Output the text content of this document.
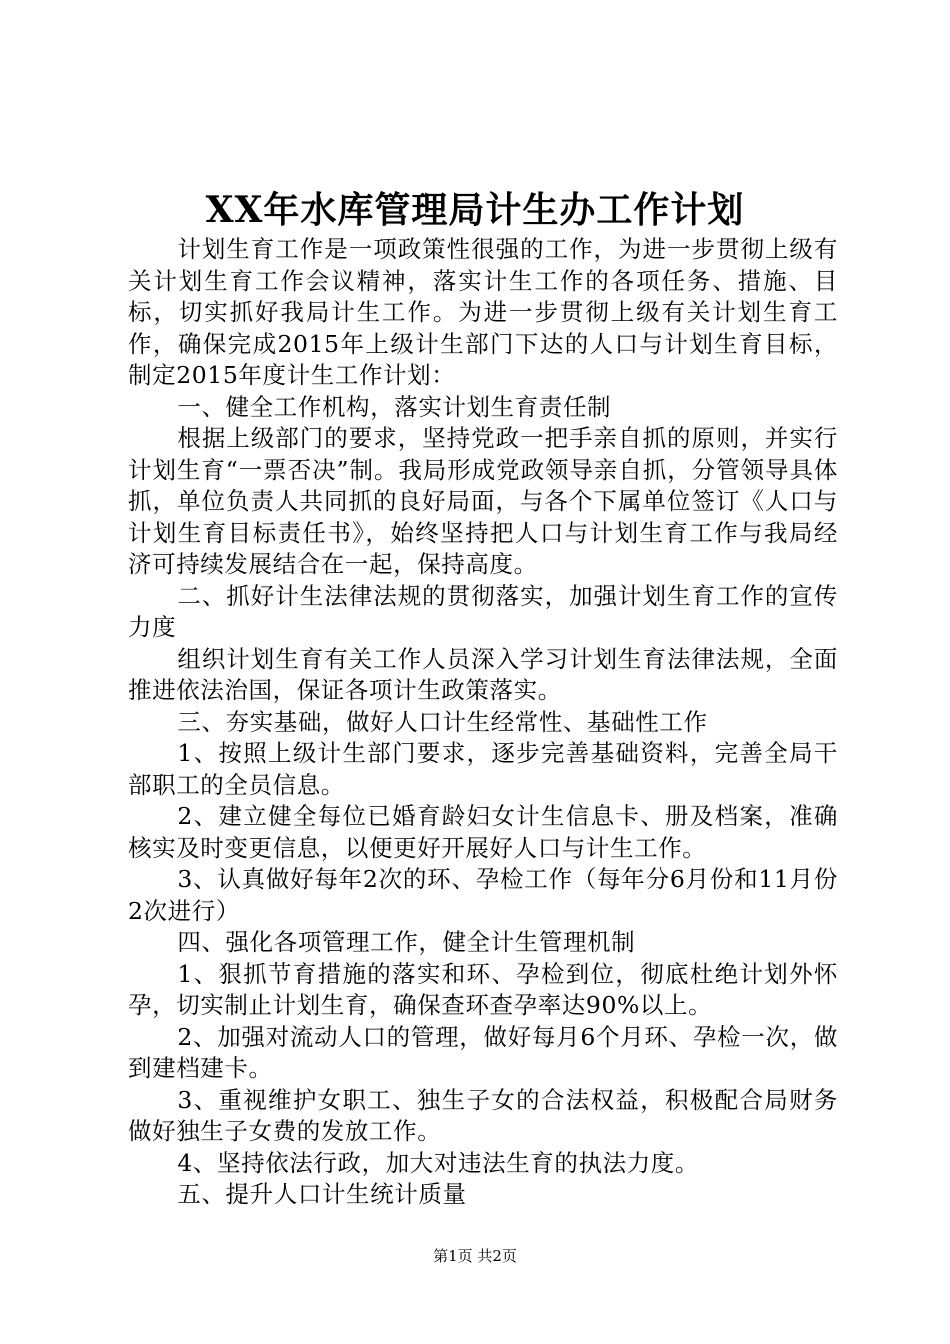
XX年水库管理局计生办工作计划

计划生育工作是一项政策性很强的工作，为进一步贯彻上级有关计划生育工作会议精神，落实计生工作的各项任务、措施、目标，切实抓好我局计生工作。为进一步贯彻上级有关计划生育工作，确保完成2015年上级计生部门下达的人口与计划生育目标，制定2015年度计生工作计划：

一、健全工作机构，落实计划生育责任制

根据上级部门的要求，坚持党政一把手亲自抓的原则，并实行计划生育“一票否决”制。我局形成党政领导亲自抓，分管领导具体抓，单位负责人共同抓的良好局面，与各个下属单位签订《人口与计划生育目标责任书》，始终坚持把人口与计划生育工作与我局经济可持续发展结合在一起，保持高度。

二、抓好计生法律法规的贯彻落实，加强计划生育工作的宣传力度

组织计划生育有关工作人员深入学习计划生育法律法规，全面推进依法治国，保证各项计生政策落实。

三、夯实基础，做好人口计生经常性、基础性工作

1、按照上级计生部门要求，逐步完善基础资料，完善全局干部职工的全员信息。

2、建立健全每位已婚育龄妇女计生信息卡、册及档案，准确核实及时变更信息，以便更好开展好人口与计生工作。

3、认真做好每年2次的环、孕检工作（每年分6月份和11月份2次进行）

四、强化各项管理工作，健全计生管理机制

1、狠抓节育措施的落实和环、孕检到位，彻底杜绝计划外怀孕，切实制止计划生育，确保查环查孕率达90%以上。

2、加强对流动人口的管理，做好每月6个月环、孕检一次，做到建档建卡。

3、重视维护女职工、独生子女的合法权益，积极配合局财务做好独生子女费的发放工作。

4、坚持依法行政，加大对违法生育的执法力度。

五、提升人口计生统计质量

第1页 共2页
